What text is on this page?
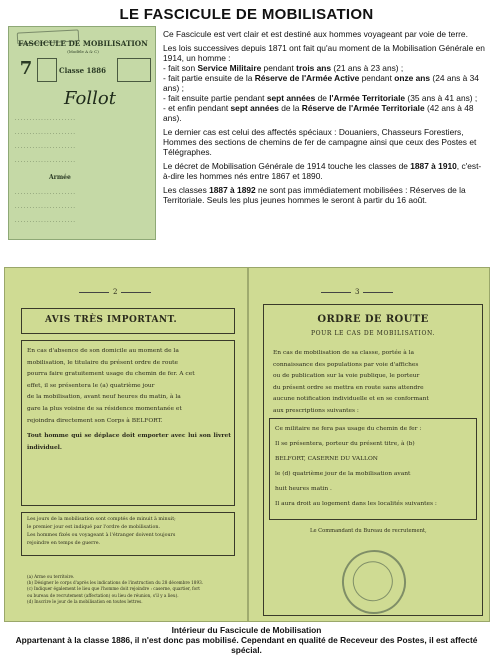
LE FASCICULE DE MOBILISATION
FASCICULE DE MOBILISATION
(Modèle A & C)
7	Classe 1886
Follot
. . . . . . . . . . . . . . . . . . . . .
. . . . . . . . . . . . . . . . . . . . .
. . . . . . . . . . . . . . . . . . . . .
. . . . . . . . . . . . . . . . . . . . .
Armée
. . . . . . . . . . . . . . . . . . . . .
. . . . . . . . . . . . . . . . . . . . .
. . . . . . . . . . . . . . . . . . . . .

Ce Fascicule est vert clair et est destiné aux hommes voyageant par voie de terre.

Les lois successives depuis 1871 ont fait qu'au moment de la Mobilisation Générale en 1914, un homme :

- fait son Service Militaire pendant trois ans (21 ans à 23 ans) ;

- fait partie ensuite de la Réserve de l'Armée Active pendant onze ans (24 ans à 34 ans) ;

- fait ensuite partie pendant sept années de l'Armée Territoriale (35 ans à 41 ans) ;

- et enfin pendant sept années de la Réserve de l'Armée Territoriale (42 ans à 48 ans).

Le dernier cas est celui des affectés spéciaux : Douaniers, Chasseurs Forestiers, Hommes des sections de chemins de fer de campagne ainsi que ceux des Postes et Télégraphes.

Le décret de Mobilisation Générale de 1914 touche les classes de 1887 à 1910, c'est-à-dire les hommes nés entre 1867 et 1890.

Les classes 1887 à 1892 ne sont pas immédiatement mobilisées : Réserves de la Territoriale. Seuls les plus jeunes hommes le seront à partir du 16 août.

2
AVIS TRÈS IMPORTANT.
En cas d'absence de son domicile au moment de la
mobilisation, le titulaire du présent ordre de route
pourra faire gratuitement usage du chemin de fer. A cet
effet, il se présentera le (a) quatrième jour
de la mobilisation, avant neuf heures du matin, à la
gare la plus voisine de sa résidence momentanée et
rejoindra directement son Corps à BELFORT.
Tout homme qui se déplace doit emporter avec lui son livret individuel.
Les jours de la mobilisation sont comptés de minuit à minuit;
le premier jour est indiqué par l'ordre de mobilisation.
Les hommes fixés ou voyageant à l'étranger doivent toujours
rejoindre en temps de guerre.
(a) Arme ou territoire.
(b) Désigner le corps d'après les indications de l'instruction du 28 décembre 1893.
(c) Indiquer également le lieu que l'homme doit rejoindre : caserne, quartier, fort
ou bureau de recrutement (affectation) ou lieu de réunion, s'il y a lieu).
(d) Inscrire le jour de la mobilisation en toutes lettres.
3
ORDRE DE ROUTE
POUR LE CAS DE MOBILISATION.
En cas de mobilisation de sa classe, portée à la
connaissance des populations par voie d'affiches
ou de publication sur la voie publique, le porteur
du présent ordre se mettra en route sans attendre
aucune notification individuelle et en se conformant
aux prescriptions suivantes :
Ce militaire ne fera pas usage du chemin de fer :
Il se présentera, porteur du présent titre, à (b)
BELFORT, CASERNE DU VALLON
le (d) quatrième jour de la mobilisation avant
huit heures matin .
Il aura droit au logement dans les localités suivantes :
Le Commandant du Bureau de recrutement,

Intérieur du Fascicule de Mobilisation

Appartenant à la classe 1886, il n'est donc pas mobilisé. Cependant en qualité de Receveur des Postes, il est affecté spécial.
